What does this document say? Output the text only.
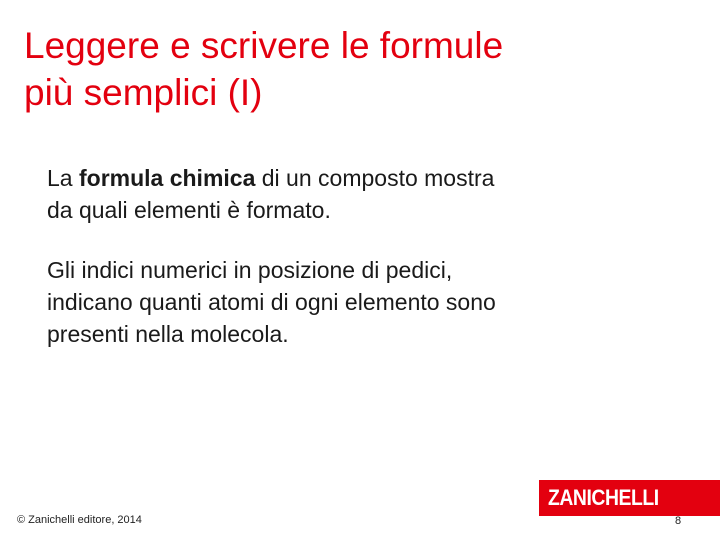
Leggere e scrivere le formule
più semplici (I)

La formula chimica di un composto mostra
da quali elementi è formato.

Gli indici numerici in posizione di pedici,
indicano quanti atomi di ogni elemento sono
presenti nella molecola.

© Zanichelli editore, 2014
ZANICHELLI
8
